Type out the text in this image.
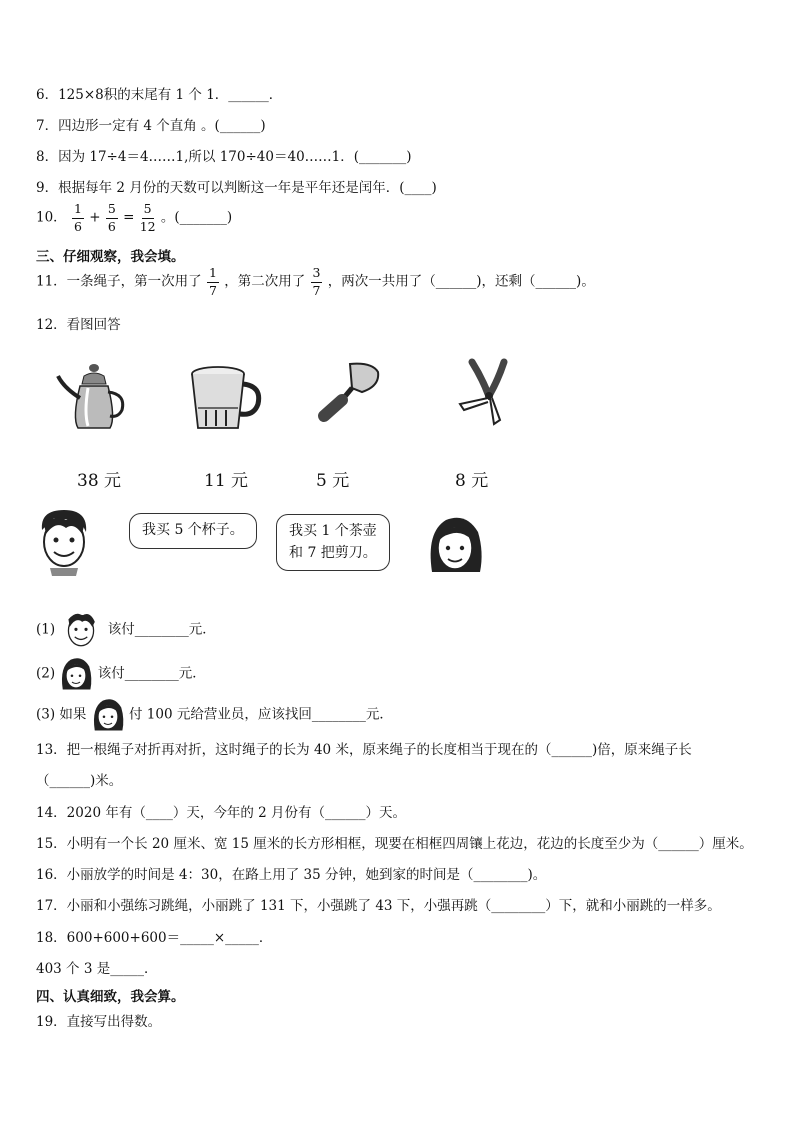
6．125×8积的末尾有 1 个 1．______．
7．四边形一定有 4 个直角 。(______)
8．因为 17÷4＝4……1,所以 170÷40＝40……1．(_______)
9．根据每年 2 月份的天数可以判断这一年是平年还是闰年．(____)
10． $\frac{1}{6} + \frac{5}{6} = \frac{5}{12}$ 。(_______)
三、仔细观察，我会填。
11．一条绳子，第一次用了 $\frac{1}{7}$ ，第二次用了 $\frac{3}{7}$ ，两次一共用了（______)，还剩（______)。
12．看图回答
38 元	11 元	5 元	8 元
我买 5 个杯子。	我买 1 个茶壶
和 7 把剪刀。
(1)	该付________元．
(2)	该付________元．
(3) 如果	付 100 元给营业员，应该找回________元．
13．把一根绳子对折再对折，这时绳子的长为 40 米，原来绳子的长度相当于现在的（______)倍，原来绳子长
（______)米。
14．2020 年有（____）天，今年的 2 月份有（______）天。
15．小明有一个长 20 厘米、宽 15 厘米的长方形相框，现要在相框四周镶上花边，花边的长度至少为（______）厘米。
16．小丽放学的时间是 4：30，在路上用了 35 分钟，她到家的时间是（________)。
17．小丽和小强练习跳绳，小丽跳了 131 下，小强跳了 43 下，小强再跳（________）下，就和小丽跳的一样多。
18．600+600+600＝_____×_____．
403 个 3 是_____．
四、认真细致，我会算。
19．直接写出得数。
